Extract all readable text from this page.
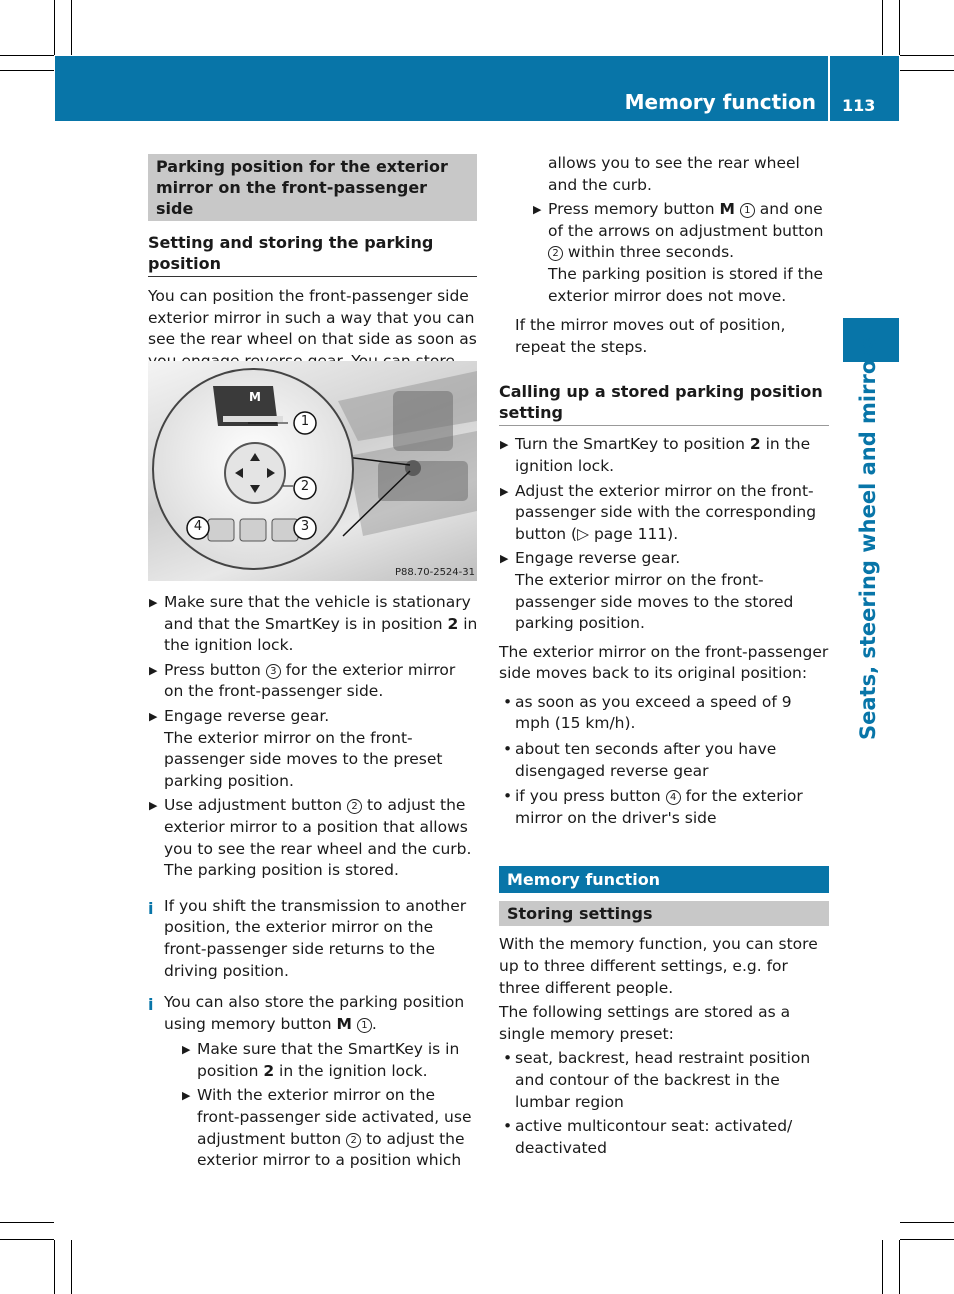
Memory function 113
Seats, steering wheel and mirrors
Parking position for the exterior mirror on the front-passenger side
Setting and storing the parking position

You can position the front-passenger side exterior mirror in such a way that you can see the rear wheel on that side as soon as

M
1
2
3
4
P88.70-2524-31
▶ Make sure that the vehicle is stationary and that the SmartKey is in position 2 in the ignition lock.
▶ Press button 3 for the exterior mirror on the front-passenger side.
▶ Engage reverse gear.
The exterior mirror on the front-passenger side moves to the preset parking position.
▶ Use adjustment button 2 to adjust the exterior mirror to a position that allows you to see the rear wheel and the curb.
The parking position is stored.
i If you shift the transmission to another position, the exterior mirror on the front-passenger side returns to the driving position.
i You can also store the parking position using memory button M 1 .
▶ Make sure that the SmartKey is in position 2 in the ignition lock.
▶ With the exterior mirror on the front-passenger side activated, use adjustment button 2 to adjust the exterior mirror to a position which

allows you to see the rear wheel and the curb.

▶ Press memory button M 1 and one of the arrows on adjustment button 2 within three seconds.
The parking position is stored if the exterior mirror does not move.

If the mirror moves out of position, repeat the steps.

Calling up a stored parking position setting
▶ Turn the SmartKey to position 2 in the ignition lock.
▶ Adjust the exterior mirror on the front-passenger side with the corresponding button (▷ page 111).
▶ Engage reverse gear.
The exterior mirror on the front-passenger side moves to the stored parking position.

The exterior mirror on the front-passenger side moves back to its original position:

• as soon as you exceed a speed of 9 mph (15 km/h).
• about ten seconds after you have disengaged reverse gear
• if you press button 4 for the exterior mirror on the driver's side
Memory function
Storing settings

With the memory function, you can store up to three different settings, e.g. for three different people.

The following settings are stored as a single memory preset:

• seat, backrest, head restraint position and contour of the backrest in the lumbar region
• active multicontour seat: activated/ deactivated
